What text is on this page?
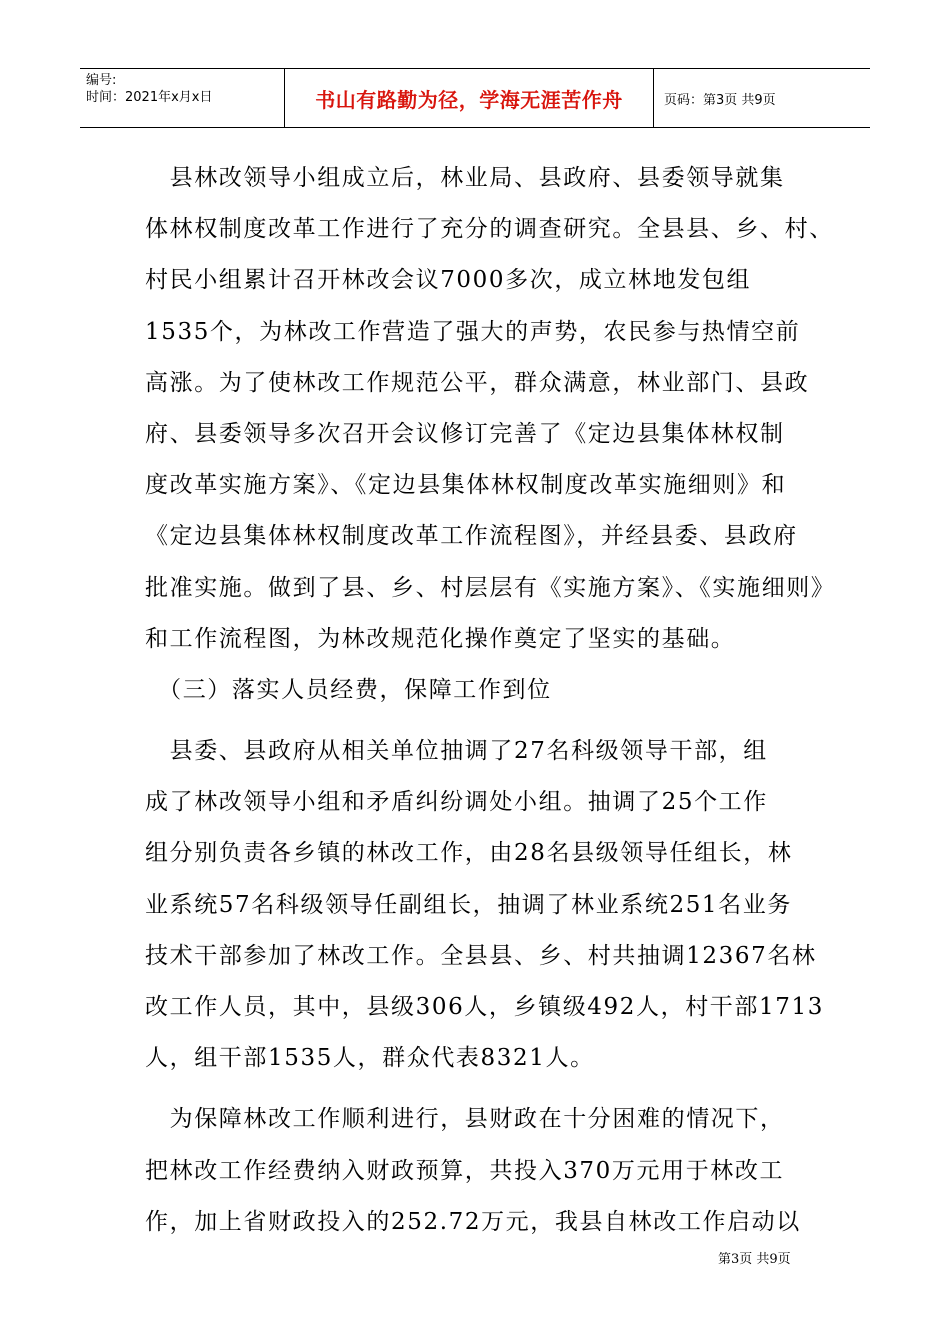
编号:
时间：2021年x月x日	书山有路勤为径，学海无涯苦作舟	页码：第3页 共9页
　县林改领导小组成立后，林业局、县政府、县委领导就集
体林权制度改革工作进行了充分的调查研究。全县县、乡、村、
村民小组累计召开林改会议7000多次，成立林地发包组
1535个，为林改工作营造了强大的声势，农民参与热情空前
高涨。为了使林改工作规范公平，群众满意，林业部门、县政
府、县委领导多次召开会议修订完善了《定边县集体林权制
度改革实施方案》、《定边县集体林权制度改革实施细则》和
《定边县集体林权制度改革工作流程图》，并经县委、县政府
批准实施。做到了县、乡、村层层有《实施方案》、《实施细则》
和工作流程图，为林改规范化操作奠定了坚实的基础。
　（三）落实人员经费，保障工作到位
　县委、县政府从相关单位抽调了27名科级领导干部，组
成了林改领导小组和矛盾纠纷调处小组。抽调了25个工作
组分别负责各乡镇的林改工作，由28名县级领导任组长，林
业系统57名科级领导任副组长，抽调了林业系统251名业务
技术干部参加了林改工作。全县县、乡、村共抽调12367名林
改工作人员，其中，县级306人，乡镇级492人，村干部1713
人，组干部1535人，群众代表8321人。
　为保障林改工作顺利进行，县财政在十分困难的情况下，
把林改工作经费纳入财政预算，共投入370万元用于林改工
作，加上省财政投入的252.72万元，我县自林改工作启动以
第3页 共9页
